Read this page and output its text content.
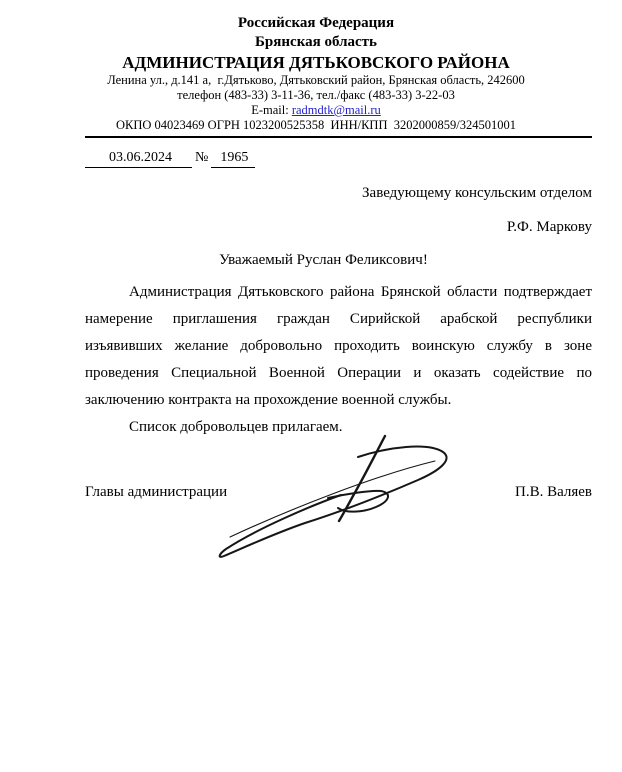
Российская Федерация
Брянская область
АДМИНИСТРАЦИЯ ДЯТЬКОВСКОГО РАЙОНА
Ленина ул., д.141 а,  г.Дятьково, Дятьковский район, Брянская область, 242600
телефон (483-33) 3-11-36, тел./факс (483-33) 3-22-03
E-mail: radmdtk@mail.ru
ОКПО 04023469 ОГРН 1023200525358  ИНН/КПП  3202000859/324501001
03.06.2024 № 1965
Заведующему консульским отделом
Р.Ф. Маркову
Уважаемый Руслан Феликсович!

Администрация Дятьковского района Брянской области подтверждает намерение приглашения граждан Сирийской арабской республики изъявивших желание добровольно проходить воинскую службу в зоне проведения Специальной Военной Операции и оказать содействие по заключению контракта на прохождение военной службы.

Список добровольцев прилагаем.

Главы администрации	П.В. Валяев
